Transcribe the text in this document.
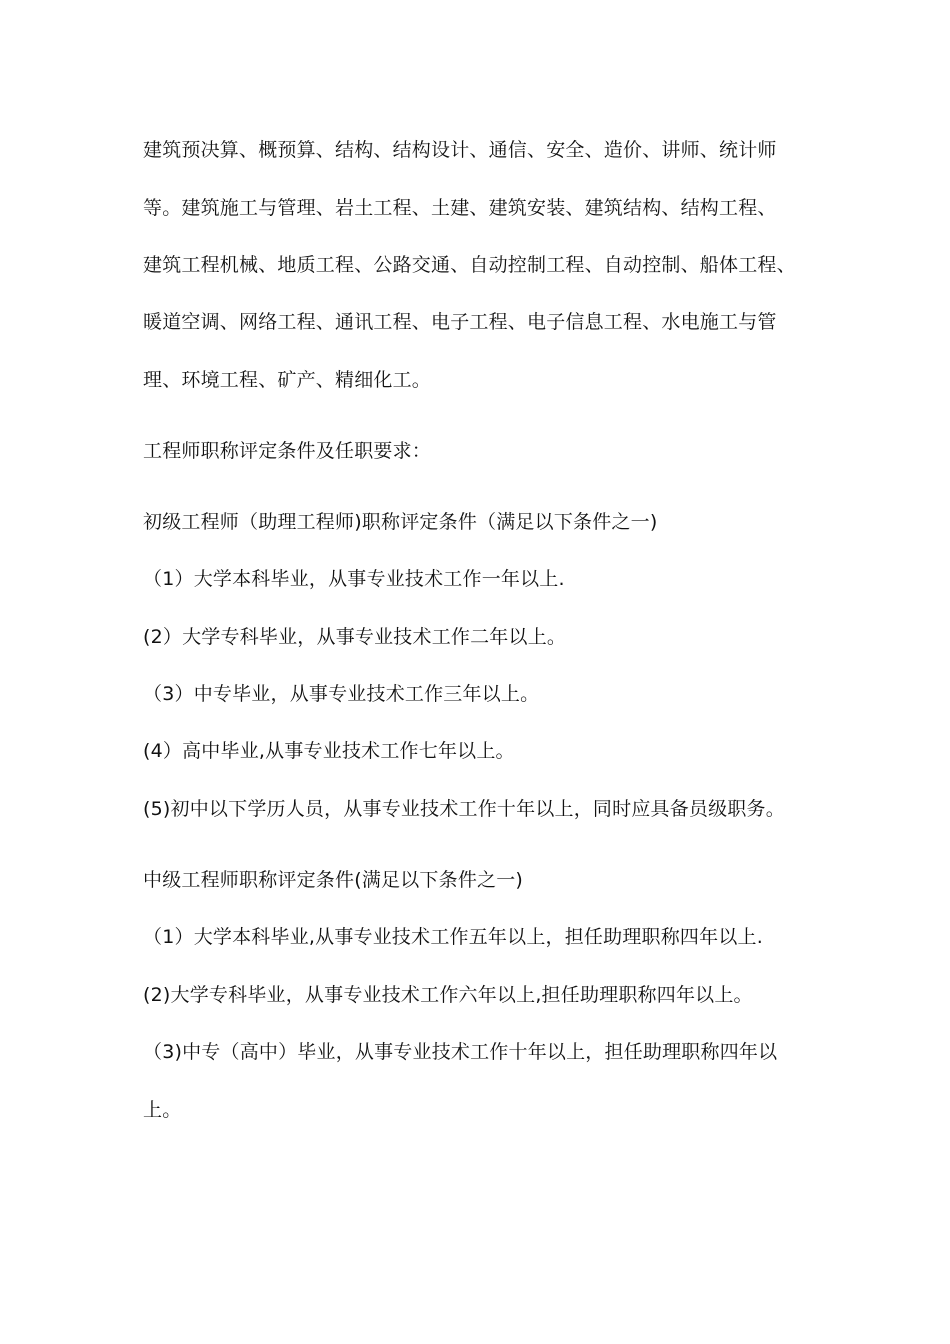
建筑预决算、概预算、结构、结构设计、通信、安全、造价、讲师、统计师
等。建筑施工与管理、岩土工程、土建、建筑安装、建筑结构、结构工程、
建筑工程机械、地质工程、公路交通、自动控制工程、自动控制、船体工程、
暖道空调、网络工程、通讯工程、电子工程、电子信息工程、水电施工与管
理、环境工程、矿产、精细化工。
工程师职称评定条件及任职要求：
初级工程师（助理工程师)职称评定条件（满足以下条件之一)
（1）大学本科毕业，从事专业技术工作一年以上.
(2）大学专科毕业，从事专业技术工作二年以上。
（3）中专毕业，从事专业技术工作三年以上。
(4）高中毕业,从事专业技术工作七年以上。
(5)初中以下学历人员，从事专业技术工作十年以上，同时应具备员级职务。
中级工程师职称评定条件(满足以下条件之一)
（1）大学本科毕业,从事专业技术工作五年以上，担任助理职称四年以上.
(2)大学专科毕业，从事专业技术工作六年以上,担任助理职称四年以上。
（3)中专（高中）毕业，从事专业技术工作十年以上，担任助理职称四年以
上。
